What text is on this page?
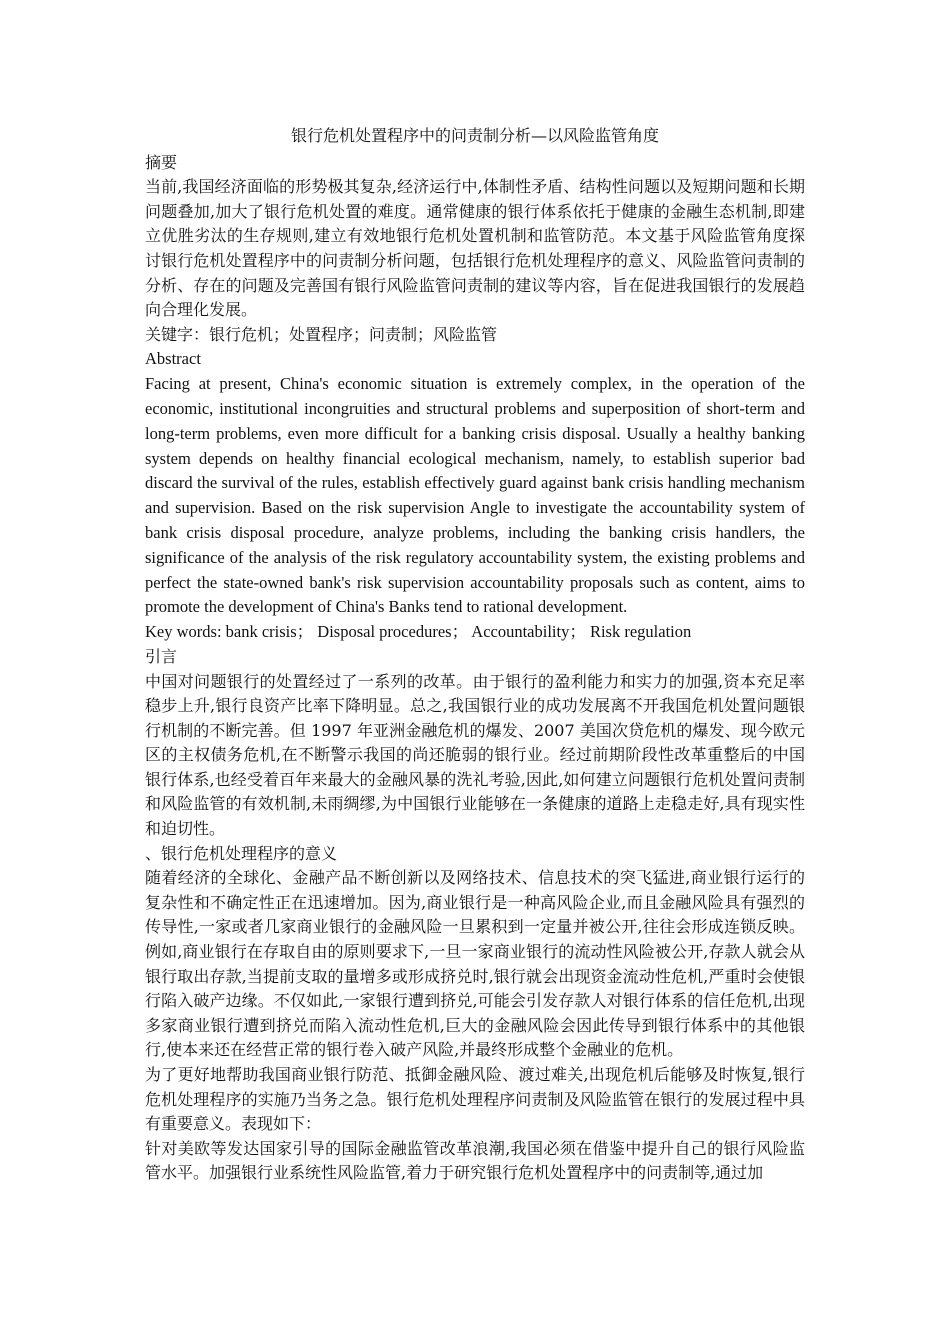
银行危机处置程序中的问责制分析—以风险监管角度
摘要

当前,我国经济面临的形势极其复杂,经济运行中,体制性矛盾、结构性问题以及短期问题和长期问题叠加,加大了银行危机处置的难度。通常健康的银行体系依托于健康的金融生态机制,即建立优胜劣汰的生存规则,建立有效地银行危机处置机制和监管防范。本文基于风险监管角度探讨银行危机处置程序中的问责制分析问题，包括银行危机处理程序的意义、风险监管问责制的分析、存在的问题及完善国有银行风险监管问责制的建议等内容，旨在促进我国银行的发展趋向合理化发展。

关键字：银行危机；处置程序；问责制；风险监管
Abstract

Facing at present, China's economic situation is extremely complex, in the operation of the economic, institutional incongruities and structural problems and superposition of short-term and long-term problems, even more difficult for a banking crisis disposal. Usually a healthy banking system depends on healthy financial ecological mechanism, namely, to establish superior bad discard the survival of the rules, establish effectively guard against bank crisis handling mechanism and supervision. Based on the risk supervision Angle to investigate the accountability system of bank crisis disposal procedure, analyze problems, including the banking crisis handlers, the significance of the analysis of the risk regulatory accountability system, the existing problems and perfect the state-owned bank's risk supervision accountability proposals such as content, aims to promote the development of China's Banks tend to rational development.

Key words: bank crisis； Disposal procedures； Accountability； Risk regulation
引言

中国对问题银行的处置经过了一系列的改革。由于银行的盈利能力和实力的加强,资本充足率稳步上升,银行良资产比率下降明显。总之,我国银行业的成功发展离不开我国危机处置问题银行机制的不断完善。但 1997 年亚洲金融危机的爆发、2007 美国次贷危机的爆发、现今欧元区的主权债务危机,在不断警示我国的尚还脆弱的银行业。经过前期阶段性改革重整后的中国银行体系,也经受着百年来最大的金融风暴的洗礼考验,因此,如何建立问题银行危机处置问责制和风险监管的有效机制,未雨绸缪,为中国银行业能够在一条健康的道路上走稳走好,具有现实性和迫切性。

、银行危机处理程序的意义

随着经济的全球化、金融产品不断创新以及网络技术、信息技术的突飞猛进,商业银行运行的复杂性和不确定性正在迅速增加。因为,商业银行是一种高风险企业,而且金融风险具有强烈的传导性,一家或者几家商业银行的金融风险一旦累积到一定量并被公开,往往会形成连锁反映。例如,商业银行在存取自由的原则要求下,一旦一家商业银行的流动性风险被公开,存款人就会从银行取出存款,当提前支取的量增多或形成挤兑时,银行就会出现资金流动性危机,严重时会使银行陷入破产边缘。不仅如此,一家银行遭到挤兑,可能会引发存款人对银行体系的信任危机,出现多家商业银行遭到挤兑而陷入流动性危机,巨大的金融风险会因此传导到银行体系中的其他银行,使本来还在经营正常的银行卷入破产风险,并最终形成整个金融业的危机。

为了更好地帮助我国商业银行防范、抵御金融风险、渡过难关,出现危机后能够及时恢复,银行危机处理程序的实施乃当务之急。银行危机处理程序问责制及风险监管在银行的发展过程中具有重要意义。表现如下：

针对美欧等发达国家引导的国际金融监管改革浪潮,我国必须在借鉴中提升自己的银行风险监管水平。加强银行业系统性风险监管,着力于研究银行危机处置程序中的问责制等,通过加
